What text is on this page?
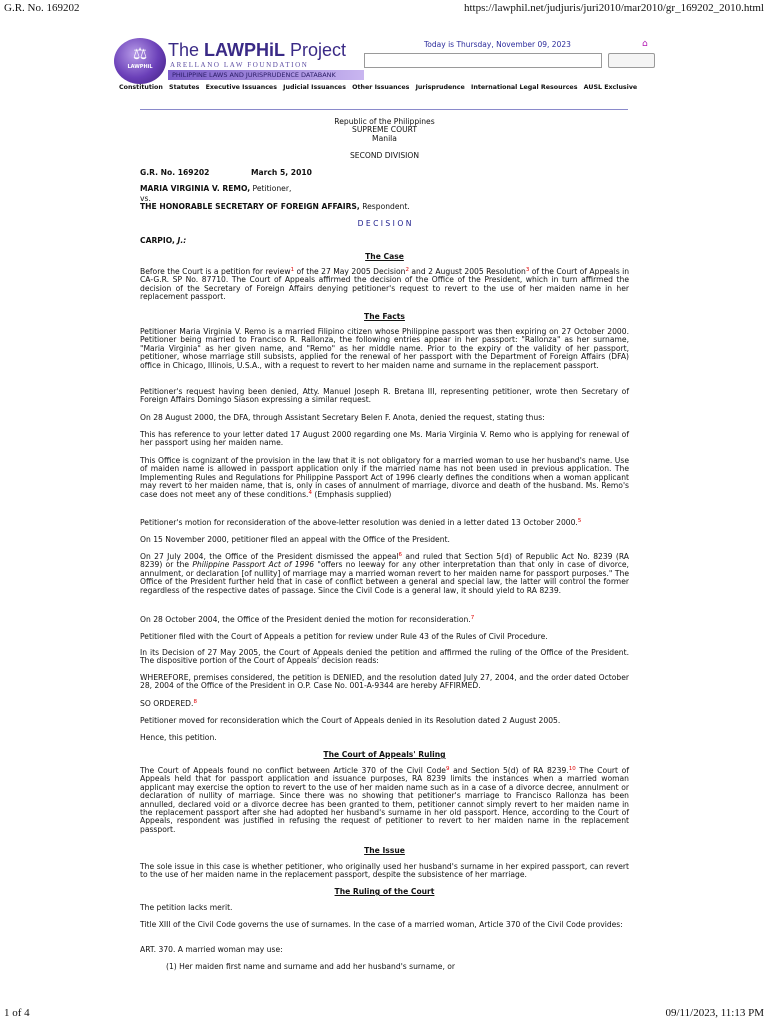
G.R. No. 169202	https://lawphil.net/judjuris/juri2010/mar2010/gr_169202_2010.html
⚖
LAWPHiL
The LAWPHiL Project
ARELLANO LAW FOUNDATION
PHILIPPINE LAWS AND JURISPRUDENCE DATABANK
Today is Thursday, November 09, 2023	⌂
Constitution Statutes Executive Issuances Judicial Issuances Other Issuances Jurisprudence International Legal Resources AUSL Exclusive
Republic of the Philippines
SUPREME COURT
Manila
SECOND DIVISION
G.R. No. 169202	March 5, 2010
MARIA VIRGINIA V. REMO, Petitioner,
vs.
THE HONORABLE SECRETARY OF FOREIGN AFFAIRS, Respondent.
D E C I S I O N
CARPIO, J.:
The Case
Before the Court is a petition for review$^1$ of the 27 May 2005 Decision$^2$ and 2 August 2005 Resolution$^3$ of the Court of Appeals in CA-G.R. SP No. 87710. The Court of Appeals affirmed the decision of the Office of the President, which in turn affirmed the decision of the Secretary of Foreign Affairs denying petitioner's request to revert to the use of her maiden name in her replacement passport.
The Facts
Petitioner Maria Virginia V. Remo is a married Filipino citizen whose Philippine passport was then expiring on 27 October 2000. Petitioner being married to Francisco R. Rallonza, the following entries appear in her passport: "Rallonza" as her surname, "Maria Virginia" as her given name, and "Remo" as her middle name. Prior to the expiry of the validity of her passport, petitioner, whose marriage still subsists, applied for the renewal of her passport with the Department of Foreign Affairs (DFA) office in Chicago, Illinois, U.S.A., with a request to revert to her maiden name and surname in the replacement passport.
Petitioner's request having been denied, Atty. Manuel Joseph R. Bretana III, representing petitioner, wrote then Secretary of Foreign Affairs Domingo Siason expressing a similar request.
On 28 August 2000, the DFA, through Assistant Secretary Belen F. Anota, denied the request, stating thus:
This has reference to your letter dated 17 August 2000 regarding one Ms. Maria Virginia V. Remo who is applying for renewal of her passport using her maiden name.
This Office is cognizant of the provision in the law that it is not obligatory for a married woman to use her husband's name. Use of maiden name is allowed in passport application only if the married name has not been used in previous application. The Implementing Rules and Regulations for Philippine Passport Act of 1996 clearly defines the conditions when a woman applicant may revert to her maiden name, that is, only in cases of annulment of marriage, divorce and death of the husband. Ms. Remo's case does not meet any of these conditions.$^4$ (Emphasis supplied)
Petitioner's motion for reconsideration of the above-letter resolution was denied in a letter dated 13 October 2000.$^5$
On 15 November 2000, petitioner filed an appeal with the Office of the President.
On 27 July 2004, the Office of the President dismissed the appeal$^6$ and ruled that Section 5(d) of Republic Act No. 8239 (RA 8239) or the Philippine Passport Act of 1996 "offers no leeway for any other interpretation than that only in case of divorce, annulment, or declaration [of nullity] of marriage may a married woman revert to her maiden name for passport purposes." The Office of the President further held that in case of conflict between a general and special law, the latter will control the former regardless of the respective dates of passage. Since the Civil Code is a general law, it should yield to RA 8239.
On 28 October 2004, the Office of the President denied the motion for reconsideration.$^7$
Petitioner filed with the Court of Appeals a petition for review under Rule 43 of the Rules of Civil Procedure.
In its Decision of 27 May 2005, the Court of Appeals denied the petition and affirmed the ruling of the Office of the President. The dispositive portion of the Court of Appeals' decision reads:
WHEREFORE, premises considered, the petition is DENIED, and the resolution dated July 27, 2004, and the order dated October 28, 2004 of the Office of the President in O.P. Case No. 001-A-9344 are hereby AFFIRMED.
SO ORDERED.$^8$
Petitioner moved for reconsideration which the Court of Appeals denied in its Resolution dated 2 August 2005.
Hence, this petition.
The Court of Appeals' Ruling
The Court of Appeals found no conflict between Article 370 of the Civil Code$^9$ and Section 5(d) of RA 8239.10 The Court of Appeals held that for passport application and issuance purposes, RA 8239 limits the instances when a married woman applicant may exercise the option to revert to the use of her maiden name such as in a case of a divorce decree, annulment or declaration of nullity of marriage. Since there was no showing that petitioner's marriage to Francisco Rallonza has been annulled, declared void or a divorce decree has been granted to them, petitioner cannot simply revert to her maiden name in the replacement passport after she had adopted her husband's surname in her old passport. Hence, according to the Court of Appeals, respondent was justified in refusing the request of petitioner to revert to her maiden name in the replacement passport.
The Issue
The sole issue in this case is whether petitioner, who originally used her husband's surname in her expired passport, can revert to the use of her maiden name in the replacement passport, despite the subsistence of her marriage.
The Ruling of the Court
The petition lacks merit.
Title XIII of the Civil Code governs the use of surnames. In the case of a married woman, Article 370 of the Civil Code provides:
ART. 370. A married woman may use:
(1) Her maiden first name and surname and add her husband's surname, or
1 of 4	09/11/2023, 11:13 PM
